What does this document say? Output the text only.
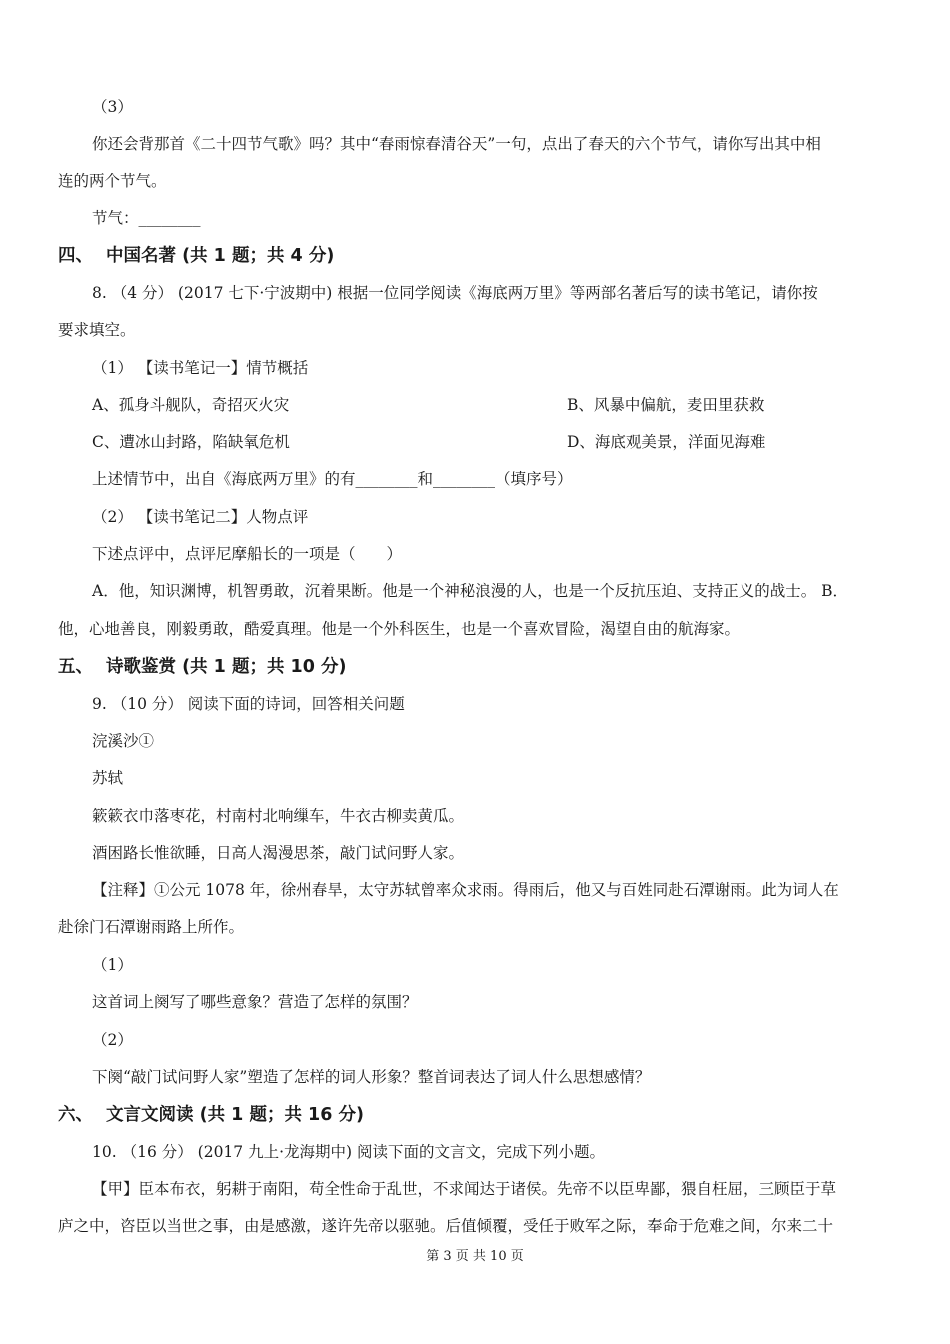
（3）
你还会背那首《二十四节气歌》吗？其中“春雨惊春清谷天”一句，点出了春天的六个节气，请你写出其中相
连的两个节气。
节气：________
四、 中国名著 (共 1 题；共 4 分)
8. （4 分） (2017 七下·宁波期中) 根据一位同学阅读《海底两万里》等两部名著后写的读书笔记，请你按
要求填空。
（1） 【读书笔记一】情节概括
A、孤身斗舰队，奇招灭火灾	B、风暴中偏航，麦田里获救
C、遭冰山封路，陷缺氧危机	D、海底观美景，洋面见海难
上述情节中，出自《海底两万里》的有________和________（填序号）
（2） 【读书笔记二】人物点评
下述点评中，点评尼摩船长的一项是（　　）
A．他，知识渊博，机智勇敢，沉着果断。他是一个神秘浪漫的人，也是一个反抗压迫、支持正义的战士。 B．
他，心地善良，刚毅勇敢，酷爱真理。他是一个外科医生，也是一个喜欢冒险，渴望自由的航海家。
五、 诗歌鉴赏 (共 1 题；共 10 分)
9. （10 分） 阅读下面的诗词，回答相关问题
浣溪沙①
苏轼
簌簌衣巾落枣花，村南村北响缫车，牛衣古柳卖黄瓜。
酒困路长惟欲睡，日高人渴漫思茶，敲门试问野人家。
【注释】①公元 1078 年，徐州春旱，太守苏轼曾率众求雨。得雨后，他又与百姓同赴石潭谢雨。此为词人在
赴徐门石潭谢雨路上所作。
（1）
这首词上阕写了哪些意象？营造了怎样的氛围？
（2）
下阕“敲门试问野人家”塑造了怎样的词人形象？整首词表达了词人什么思想感情？
六、 文言文阅读 (共 1 题；共 16 分)
10. （16 分） (2017 九上·龙海期中) 阅读下面的文言文，完成下列小题。
【甲】臣本布衣，躬耕于南阳，苟全性命于乱世，不求闻达于诸侯。先帝不以臣卑鄙，猥自枉屈，三顾臣于草
庐之中，咨臣以当世之事，由是感激，遂许先帝以驱驰。后值倾覆，受任于败军之际，奉命于危难之间，尔来二十
第 3 页 共 10 页
